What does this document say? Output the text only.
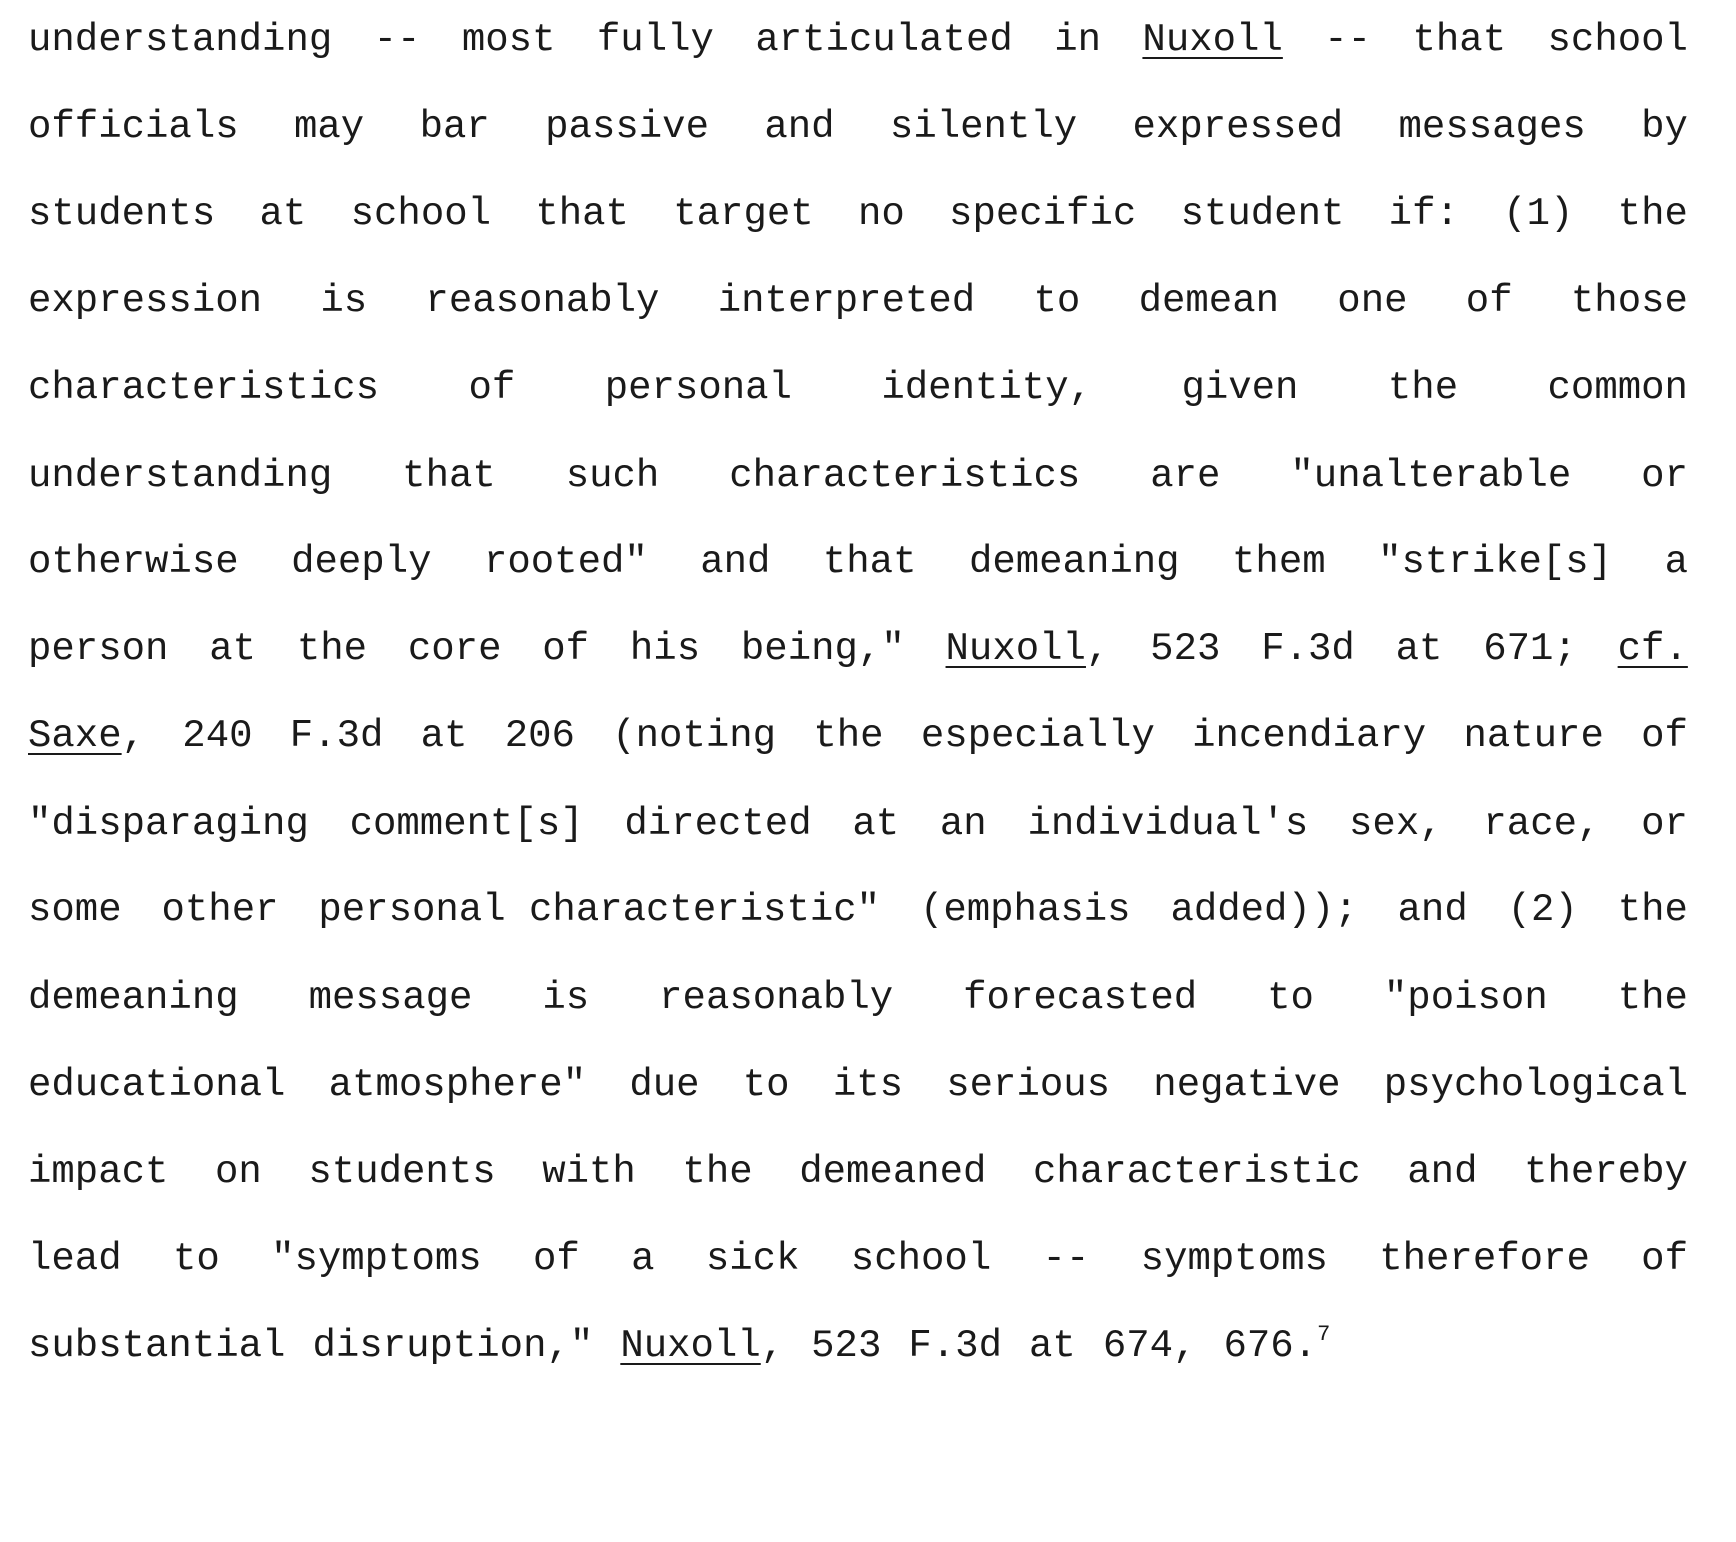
understanding -- most fully articulated in Nuxoll -- that school
officials may bar passive and silently expressed messages by
students at school that target no specific student if: (1) the
expression is reasonably interpreted to demean one of those
characteristics of personal identity, given the common
understanding that such characteristics are "unalterable or
otherwise deeply rooted" and that demeaning them "strike[s] a
person at the core of his being," Nuxoll, 523 F.3d at 671; cf.
Saxe, 240 F.3d at 206 (noting the especially incendiary nature of
"disparaging comment[s] directed at an individual's sex, race, or
some other personal characteristic" (emphasis added)); and (2) the
demeaning message is reasonably forecasted to "poison the
educational atmosphere" due to its serious negative psychological
impact on students with the demeaned characteristic and thereby
lead to "symptoms of a sick school -- symptoms therefore of
substantial disruption," Nuxoll, 523 F.3d at 674, 676.$^7$
